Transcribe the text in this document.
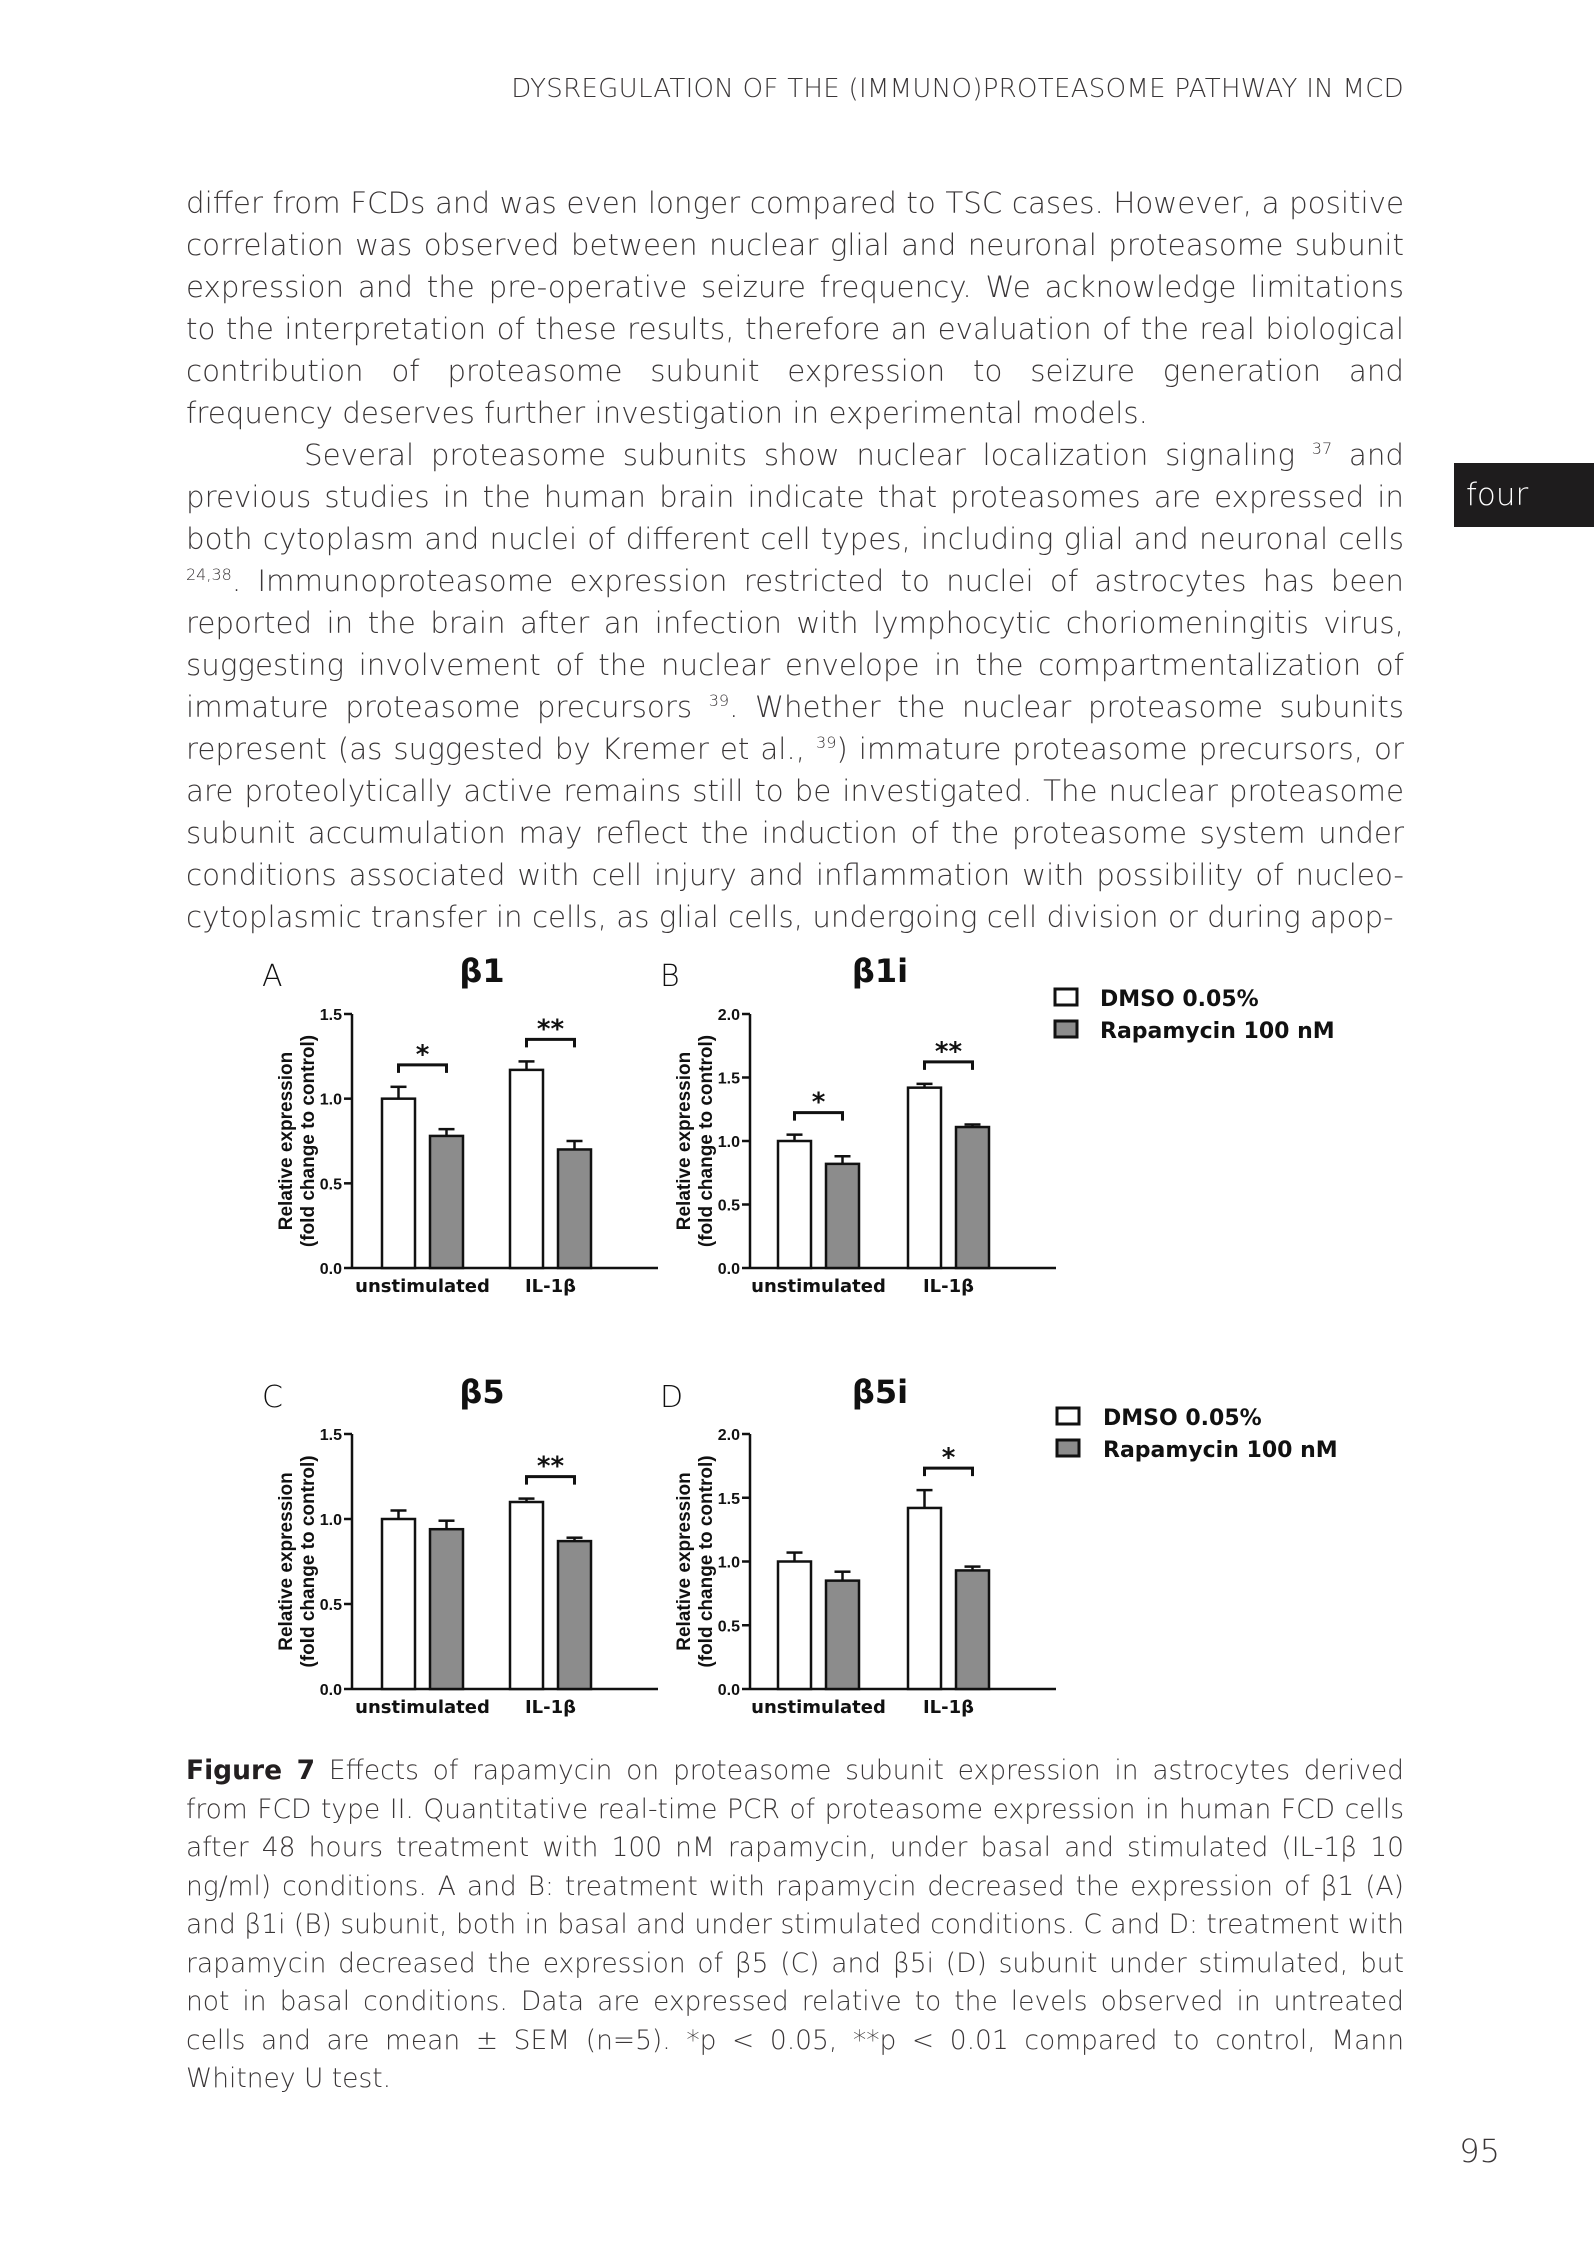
DYSREGULATION OF THE (IMMUNO)PROTEASOME PATHWAY IN MCD

differ from FCDs and was even longer compared to TSC cases. However, a positive correlation was observed between nuclear glial and neuronal proteasome subunit expression and the pre-operative seizure frequency. We acknowledge limitations to the interpretation of these results, therefore an evaluation of the real biological contribution of proteasome subunit expression to seizure generation and frequency deserves further investigation in experimental models.

Several proteasome subunits show nuclear localization signaling $^{37}$ and previous studies in the human brain indicate that proteasomes are expressed in both cytoplasm and nuclei of different cell types, including glial and neuronal cells $^{24,38}$. Immunoproteasome expression restricted to nuclei of astrocytes has been reported in the brain after an infection with lymphocytic choriomeningitis virus, suggesting involvement of the nuclear envelope in the compartmentalization of immature proteasome precursors $^{39}$. Whether the nuclear proteasome subunits represent (as suggested by Kremer et al., $^{39}$) immature proteasome precursors, or are proteolytically active remains still to be investigated. The nuclear proteasome subunit accumulation may reflect the induction of the proteasome system under conditions associated with cell injury and inflammation with possibility of nucleo-cytoplasmic transfer in cells, as glial cells, undergoing cell division or during apop-

four
DMSO 0.05%
Rapamycin 100 nM
DMSO 0.05%
Rapamycin 100 nM
A	β1
Relative expression (fold change to control)
0.0
0.5
1.0
1.5
unstimulated
*
IL-1β
**
B	β1i
Relative expression (fold change to control)
0.0
0.5
1.0
1.5
2.0
unstimulated
*
IL-1β
**
C	β5
Relative expression (fold change to control)
0.0
0.5
1.0
1.5
unstimulated IL-1β
**
D	β5i
Relative expression (fold change to control)
0.0
0.5
1.0
1.5
2.0
unstimulated IL-1β
*
Figure 7 Effects of rapamycin on proteasome subunit expression in astrocytes derived from FCD type II. Quantitative real-time PCR of proteasome expression in human FCD cells after 48 hours treatment with 100 nM rapamycin, under basal and stimulated (IL-1β 10 ng/ml) conditions. A and B: treatment with rapamycin decreased the expression of β1 (A) and β1i (B) subunit, both in basal and under stimulated conditions. C and D: treatment with rapamycin decreased the expression of β5 (C) and β5i (D) subunit under stimulated, but not in basal conditions. Data are expressed relative to the levels observed in untreated cells and are mean ± SEM (n=5). *p < 0.05, **p < 0.01 compared to control, Mann Whitney U test.
95
